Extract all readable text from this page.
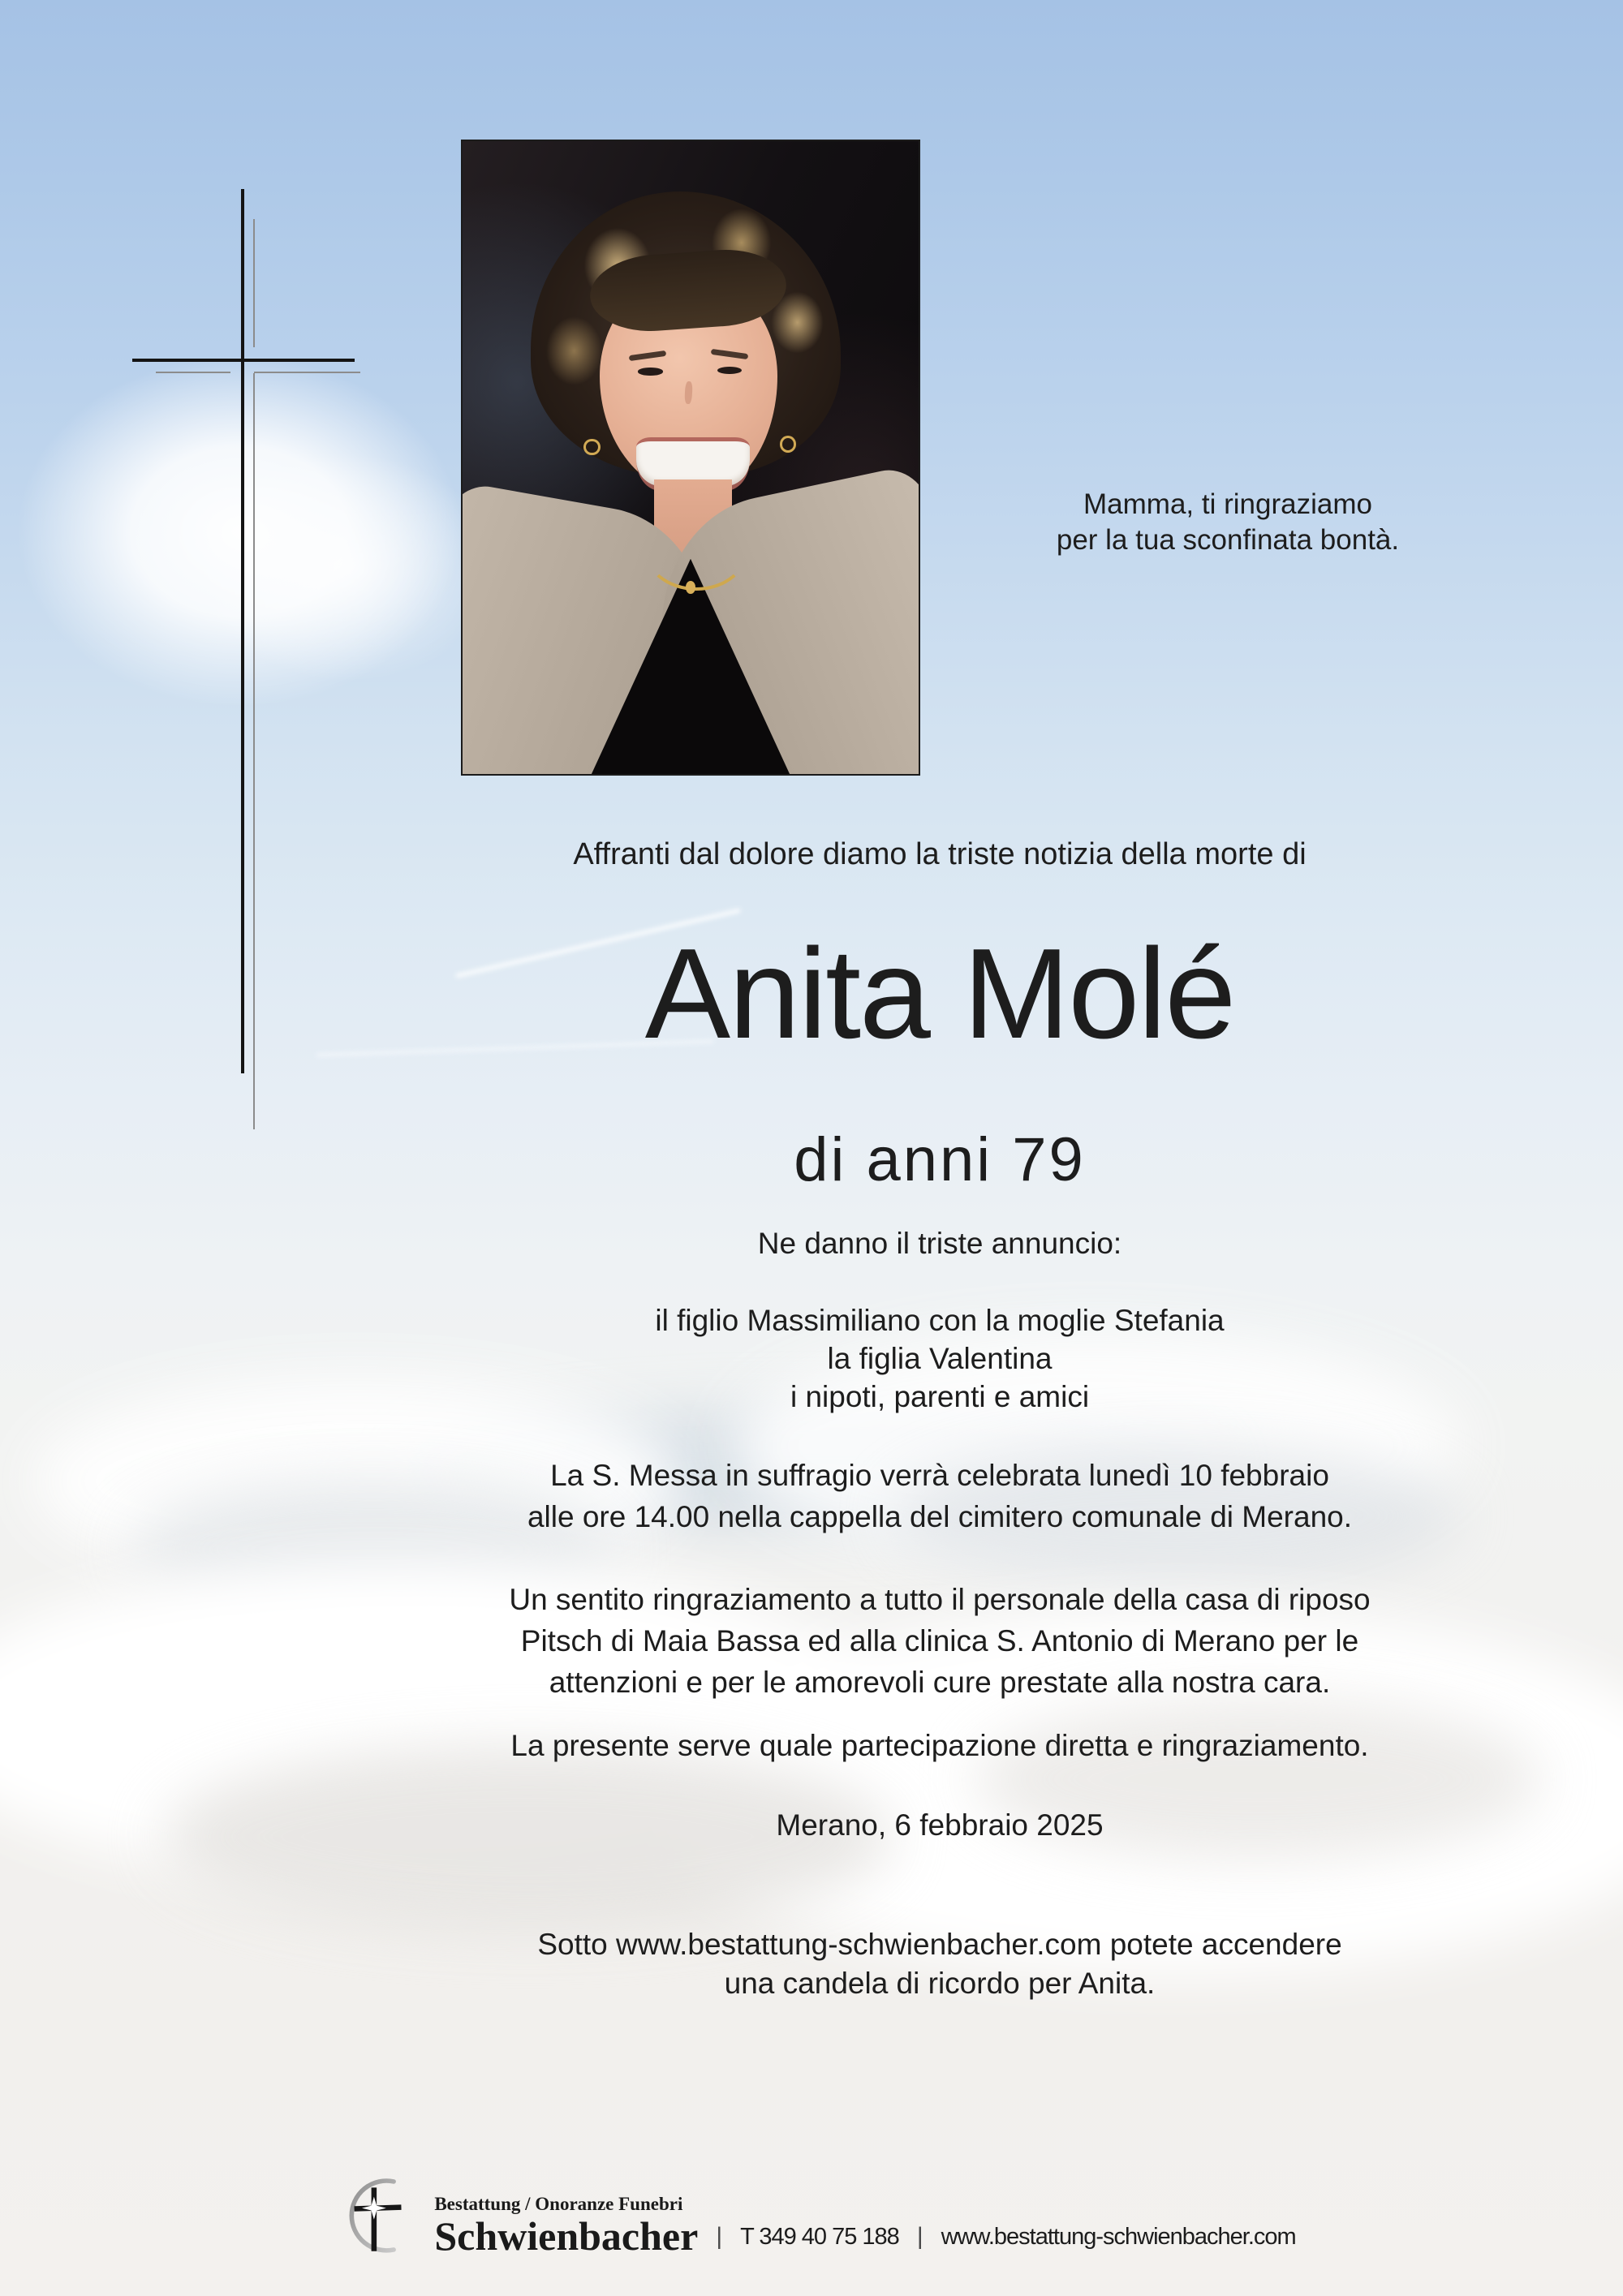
Mamma, ti ringraziamo
per la tua sconfinata bontà.
Affranti dal dolore diamo la triste notizia della morte di
Anita Molé
di anni 79
Ne danno il triste annuncio:
il figlio Massimiliano con la moglie Stefania
la figlia Valentina
i nipoti, parenti e amici
La S. Messa in suffragio verrà celebrata lunedì 10 febbraio
alle ore 14.00 nella cappella del cimitero comunale di Merano.
Un sentito ringraziamento a tutto il personale della casa di riposo
Pitsch di Maia Bassa ed alla clinica S. Antonio di Merano per le
attenzioni e per le amorevoli cure prestate alla nostra cara.
La presente serve quale partecipazione diretta e ringraziamento.
Merano, 6 febbraio 2025
Sotto www.bestattung-schwienbacher.com potete accendere
una candela di ricordo per Anita.
Bestattung / Onoranze Funebri
Schwienbacher | T 349 40 75 188 | www.bestattung-schwienbacher.com
